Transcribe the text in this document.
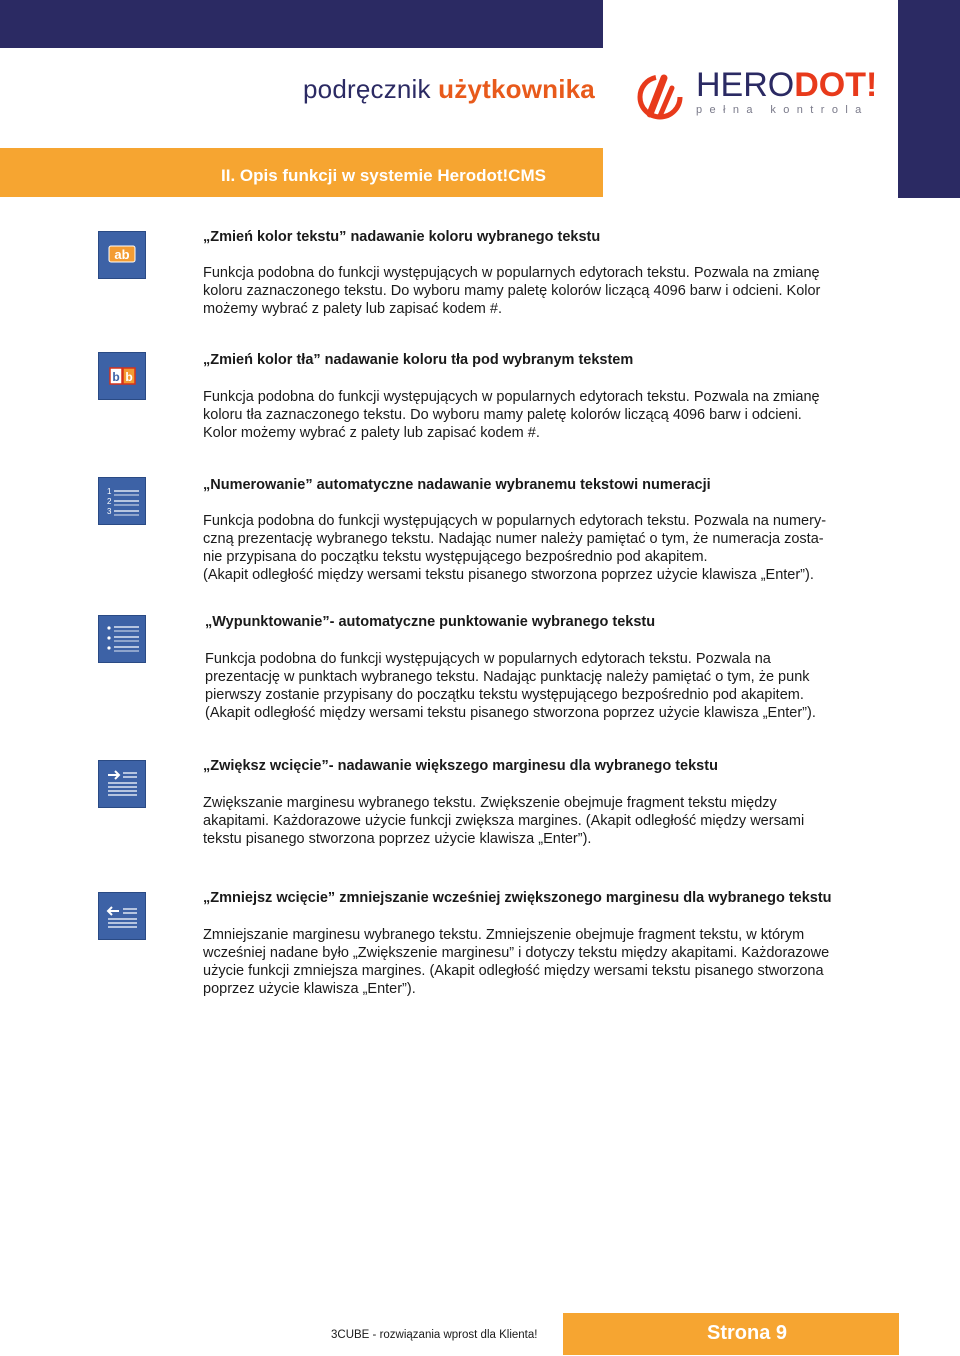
podręcznik użytkownika	HERODOT!
pełna kontrola
II. Opis funkcji w systemie Herodot!CMS
ab
„Zmień kolor tekstu” nadawanie koloru wybranego tekstu
Funkcja podobna do funkcji występujących w popularnych edytorach tekstu. Pozwala na zmianę
koloru zaznaczonego tekstu. Do wyboru mamy paletę kolorów liczącą 4096 barw i odcieni. Kolor
możemy wybrać z palety lub zapisać kodem #.
b b
„Zmień kolor tła” nadawanie koloru tła pod wybranym tekstem
Funkcja podobna do funkcji występujących w popularnych edytorach tekstu. Pozwala na zmianę
koloru tła zaznaczonego tekstu. Do wyboru mamy paletę kolorów liczącą 4096 barw i odcieni.
Kolor możemy wybrać z palety lub zapisać kodem #.
1
2
3
„Numerowanie” automatyczne nadawanie wybranemu tekstowi numeracji
Funkcja podobna do funkcji występujących w popularnych edytorach tekstu. Pozwala na numery-
czną prezentację wybranego tekstu. Nadając numer należy pamiętać o tym, że numeracja zosta-
nie przypisana do początku tekstu występującego bezpośrednio pod akapitem.
(Akapit odległość między wersami tekstu pisanego stworzona poprzez użycie klawisza „Enter”).
„Wypunktowanie”- automatyczne punktowanie wybranego tekstu
Funkcja podobna do funkcji występujących w popularnych edytorach tekstu. Pozwala na
prezentację w punktach wybranego tekstu. Nadając punktację należy pamiętać o tym, że punk
pierwszy zostanie przypisany do początku tekstu występującego bezpośrednio pod akapitem.
(Akapit odległość między wersami tekstu pisanego stworzona poprzez użycie klawisza „Enter”).
„Zwiększ wcięcie”- nadawanie większego marginesu dla wybranego tekstu
Zwiększanie marginesu wybranego tekstu. Zwiększenie obejmuje fragment tekstu między
akapitami. Każdorazowe użycie funkcji zwiększa margines. (Akapit odległość między wersami
tekstu pisanego stworzona poprzez użycie klawisza „Enter”).
„Zmniejsz wcięcie” zmniejszanie wcześniej zwiększonego marginesu dla wybranego tekstu
Zmniejszanie marginesu wybranego tekstu. Zmniejszenie obejmuje fragment tekstu, w którym
wcześniej nadane było „Zwiększenie marginesu” i dotyczy tekstu między akapitami. Każdorazowe
użycie funkcji zmniejsza margines. (Akapit odległość między wersami tekstu pisanego stworzona
poprzez użycie klawisza „Enter”).
3CUBE - rozwiązania wprost dla Klienta!	Strona 9
